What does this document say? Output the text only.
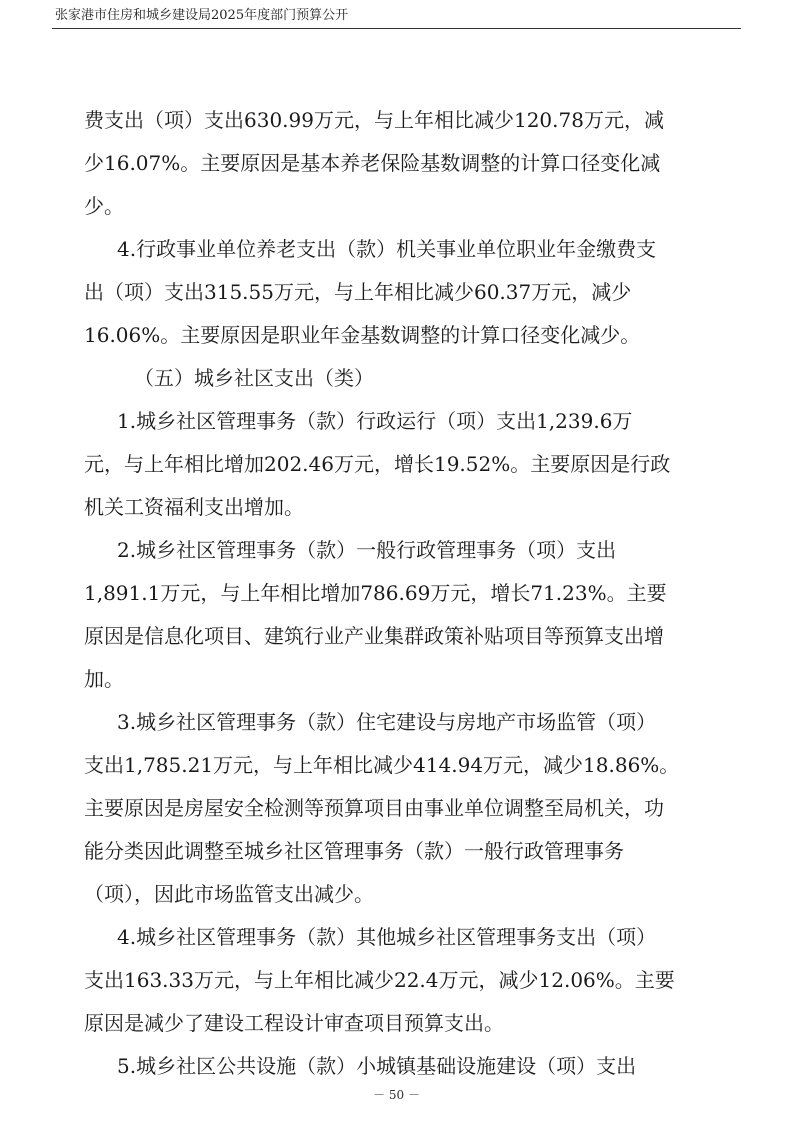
张家港市住房和城乡建设局2025年度部门预算公开
费支出（项）支出630.99万元，与上年相比减少120.78万元，减
少16.07%。主要原因是基本养老保险基数调整的计算口径变化减
少。
4.行政事业单位养老支出（款）机关事业单位职业年金缴费支
出（项）支出315.55万元，与上年相比减少60.37万元，减少
16.06%。主要原因是职业年金基数调整的计算口径变化减少。
（五）城乡社区支出（类）
1.城乡社区管理事务（款）行政运行（项）支出1,239.6万
元，与上年相比增加202.46万元，增长19.52%。主要原因是行政
机关工资福利支出增加。
2.城乡社区管理事务（款）一般行政管理事务（项）支出
1,891.1万元，与上年相比增加786.69万元，增长71.23%。主要
原因是信息化项目、建筑行业产业集群政策补贴项目等预算支出增
加。
3.城乡社区管理事务（款）住宅建设与房地产市场监管（项）
支出1,785.21万元，与上年相比减少414.94万元，减少18.86%。
主要原因是房屋安全检测等预算项目由事业单位调整至局机关，功
能分类因此调整至城乡社区管理事务（款）一般行政管理事务
（项），因此市场监管支出减少。
4.城乡社区管理事务（款）其他城乡社区管理事务支出（项）
支出163.33万元，与上年相比减少22.4万元，减少12.06%。主要
原因是减少了建设工程设计审查项目预算支出。
5.城乡社区公共设施（款）小城镇基础设施建设（项）支出
－ 50 －
